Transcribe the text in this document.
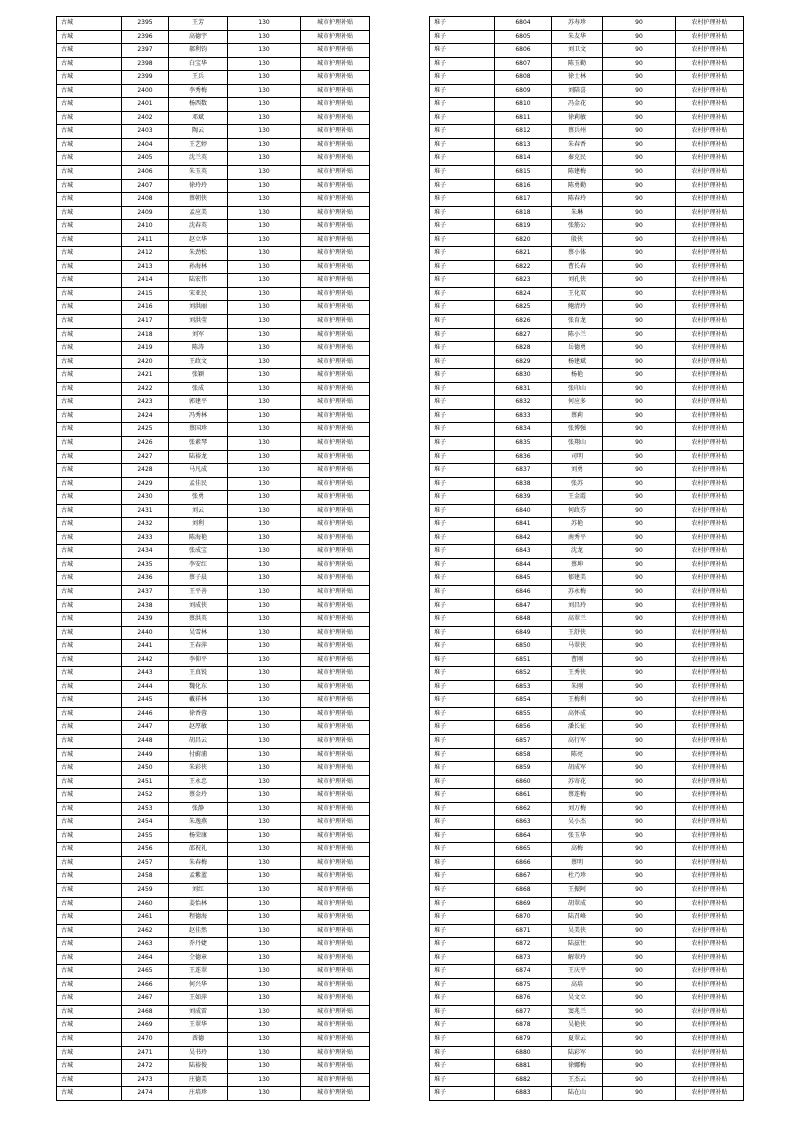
古城	2395	王芳	130	城市护理补贴
古城	2396	高德宇	130	城市护理补贴
古城	2397	郝利钧	130	城市护理补贴
古城	2398	白宝华	130	城市护理补贴
古城	2399	王兵	130	城市护理补贴
古城	2400	李秀梅	130	城市护理补贴
古城	2401	杨西数	130	城市护理补贴
古城	2402	邓斌	130	城市护理补贴
古城	2403	陶云	130	城市护理补贴
古城	2404	王艺婷	130	城市护理补贴
古城	2405	沈兰英	130	城市护理补贴
古城	2406	朱玉英	130	城市护理补贴
古城	2407	徐玲玲	130	城市护理补贴
古城	2408	蔡朝侠	130	城市护理补贴
古城	2409	孟应美	130	城市护理补贴
古城	2410	沈春英	130	城市护理补贴
古城	2411	赵立华	130	城市护理补贴
古城	2412	朱劲松	130	城市护理补贴
古城	2413	孙海林	130	城市护理补贴
古城	2414	陆宏伟	130	城市护理补贴
古城	2415	宋亚民	130	城市护理补贴
古城	2416	刘洪丽	130	城市护理补贴
古城	2417	刘洪莹	130	城市护理补贴
古城	2418	刘军	130	城市护理补贴
古城	2419	陈涛	130	城市护理补贴
古城	2420	王政文	130	城市护理补贴
古城	2421	张颖	130	城市护理补贴
古城	2422	张成	130	城市护理补贴
古城	2423	郭建平	130	城市护理补贴
古城	2424	冯秀林	130	城市护理补贴
古城	2425	蔡国珍	130	城市护理补贴
古城	2426	张素琴	130	城市护理补贴
古城	2427	陆裕龙	130	城市护理补贴
古城	2428	马凡成	130	城市护理补贴
古城	2429	孟佳民	130	城市护理补贴
古城	2430	张勇	130	城市护理补贴
古城	2431	刘云	130	城市护理补贴
古城	2432	刘利	130	城市护理补贴
古城	2433	陈海艳	130	城市护理补贴
古城	2434	张成宝	130	城市护理补贴
古城	2435	李安红	130	城市护理补贴
古城	2436	蔡子晨	130	城市护理补贴
古城	2437	王平善	130	城市护理补贴
古城	2438	刘成侠	130	城市护理补贴
古城	2439	蔡洪英	130	城市护理补贴
古城	2440	吴雪林	130	城市护理补贴
古城	2441	王春萍	130	城市护理补贴
古城	2442	李仰平	130	城市护理补贴
古城	2443	王真锐	130	城市护理补贴
古城	2444	魏化东	130	城市护理补贴
古城	2445	戴祥林	130	城市护理补贴
古城	2446	徐香蓉	130	城市护理补贴
古城	2447	赵厚敏	130	城市护理补贴
古城	2448	胡昌云	130	城市护理补贴
古城	2449	付蔚浦	130	城市护理补贴
古城	2450	朱彩侠	130	城市护理补贴
古城	2451	王永忠	130	城市护理补贴
古城	2452	蔡金玲	130	城市护理补贴
古城	2453	张静	130	城市护理补贴
古城	2454	朱逸燕	130	城市护理补贴
古城	2455	杨荣康	130	城市护理补贴
古城	2456	邵祝礼	130	城市护理补贴
古城	2457	朱春梅	130	城市护理补贴
古城	2458	孟紫蓝	130	城市护理补贴
古城	2459	刘红	130	城市护理补贴
古城	2460	姜怡林	130	城市护理补贴
古城	2461	程德海	130	城市护理补贴
古城	2462	赵佳然	130	城市护理补贴
古城	2463	乔丹婕	130	城市护理补贴
古城	2464	仝德章	130	城市护理补贴
古城	2465	王连翠	130	城市护理补贴
古城	2466	何兴华	130	城市护理补贴
古城	2467	王如萍	130	城市护理补贴
古城	2468	刘成雷	130	城市护理补贴
古城	2469	王翠华	130	城市护理补贴
古城	2470	酋德	130	城市护理补贴
古城	2471	吴书玲	130	城市护理补贴
古城	2472	陆裕俊	130	城市护理补贴
古城	2473	庄德美	130	城市护理补贴
古城	2474	庄培珍	130	城市护理补贴
堆子	6804	苏寿珍	90	农村护理补贴
堆子	6805	朱友华	90	农村护理补贴
堆子	6806	刘卫文	90	农村护理补贴
堆子	6807	陈玉勤	90	农村护理补贴
堆子	6808	徐士林	90	农村护理补贴
堆子	6809	刘陪喜	90	农村护理补贴
堆子	6810	冯金花	90	农村护理补贴
堆子	6811	徐莉敏	90	农村护理补贴
堆子	6812	蔡兵州	90	农村护理补贴
堆子	6813	朱春香	90	农村护理补贴
堆子	6814	秦克民	90	农村护理补贴
堆子	6815	陈建梅	90	农村护理补贴
堆子	6816	陈勇勤	90	农村护理补贴
堆子	6817	陈春玲	90	农村护理补贴
堆子	6818	朱琳	90	农村护理补贴
堆子	6819	张筋公	90	农村护理补贴
堆子	6820	殷侠	90	农村护理补贴
堆子	6821	蔡小体	90	农村护理补贴
堆子	6822	曹长春	90	农村护理补贴
堆子	6823	刘孔侠	90	农村护理补贴
堆子	6824	王化双	90	农村护理补贴
堆子	6825	鲍清玲	90	农村护理补贴
堆子	6826	张育龙	90	农村护理补贴
堆子	6827	陈小兰	90	农村护理补贴
堆子	6828	岳德勇	90	农村护理补贴
堆子	6829	杨建斌	90	农村护理补贴
堆子	6830	杨艳	90	农村护理补贴
堆子	6831	张印山	90	农村护理补贴
堆子	6832	何应多	90	农村护理补贴
堆子	6833	蔡莉	90	农村护理补贴
堆子	6834	张博强	90	农村护理补贴
堆子	6835	张翔山	90	农村护理补贴
堆子	6836	司明	90	农村护理补贴
堆子	6837	刘勇	90	农村护理补贴
堆子	6838	张苏	90	农村护理补贴
堆子	6839	王金霞	90	农村护理补贴
堆子	6840	何政芬	90	农村护理补贴
堆子	6841	苏艳	90	农村护理补贴
堆子	6842	南秀平	90	农村护理补贴
堆子	6843	沈龙	90	农村护理补贴
堆子	6844	蔡坤	90	农村护理补贴
堆子	6845	郁建美	90	农村护理补贴
堆子	6846	苏永梅	90	农村护理补贴
堆子	6847	刘昌玲	90	农村护理补贴
堆子	6848	高翠兰	90	农村护理补贴
堆子	6849	王舒侠	90	农村护理补贴
堆子	6850	马翠侠	90	农村护理补贴
堆子	6851	曹刚	90	农村护理补贴
堆子	6852	王秀侠	90	农村护理补贴
堆子	6853	朱刚	90	农村护理补贴
堆子	6854	王梅利	90	农村护理补贴
堆子	6855	高怀成	90	农村护理补贴
堆子	6856	潘长征	90	农村护理补贴
堆子	6857	高行军	90	农村护理补贴
堆子	6858	陈亮	90	农村护理补贴
堆子	6859	胡成军	90	农村护理补贴
堆子	6860	苏寄花	90	农村护理补贴
堆子	6861	蔡连梅	90	农村护理补贴
堆子	6862	刘万梅	90	农村护理补贴
堆子	6863	吴小杰	90	农村护理补贴
堆子	6864	张玉华	90	农村护理补贴
堆子	6865	高梅	90	农村护理补贴
堆子	6866	蔡明	90	农村护理补贴
堆子	6867	杜乃珍	90	农村护理补贴
堆子	6868	王振阿	90	农村护理补贴
堆子	6869	胡翠成	90	农村护理补贴
堆子	6870	陆召峰	90	农村护理补贴
堆子	6871	吴美侠	90	农村护理补贴
堆子	6872	陆兹往	90	农村护理补贴
堆子	6873	解翠玲	90	农村护理补贴
堆子	6874	王庆平	90	农村护理补贴
堆子	6875	高培	90	农村护理补贴
堆子	6876	吴文立	90	农村护理补贴
堆子	6877	窦兆兰	90	农村护理补贴
堆子	6878	吴艳侠	90	农村护理补贴
堆子	6879	夏翠云	90	农村护理补贴
堆子	6880	陆彩军	90	农村护理补贴
堆子	6881	徐娜梅	90	农村护理补贴
堆子	6882	王杰云	90	农村护理补贴
堆子	6883	陆在山	90	农村护理补贴
